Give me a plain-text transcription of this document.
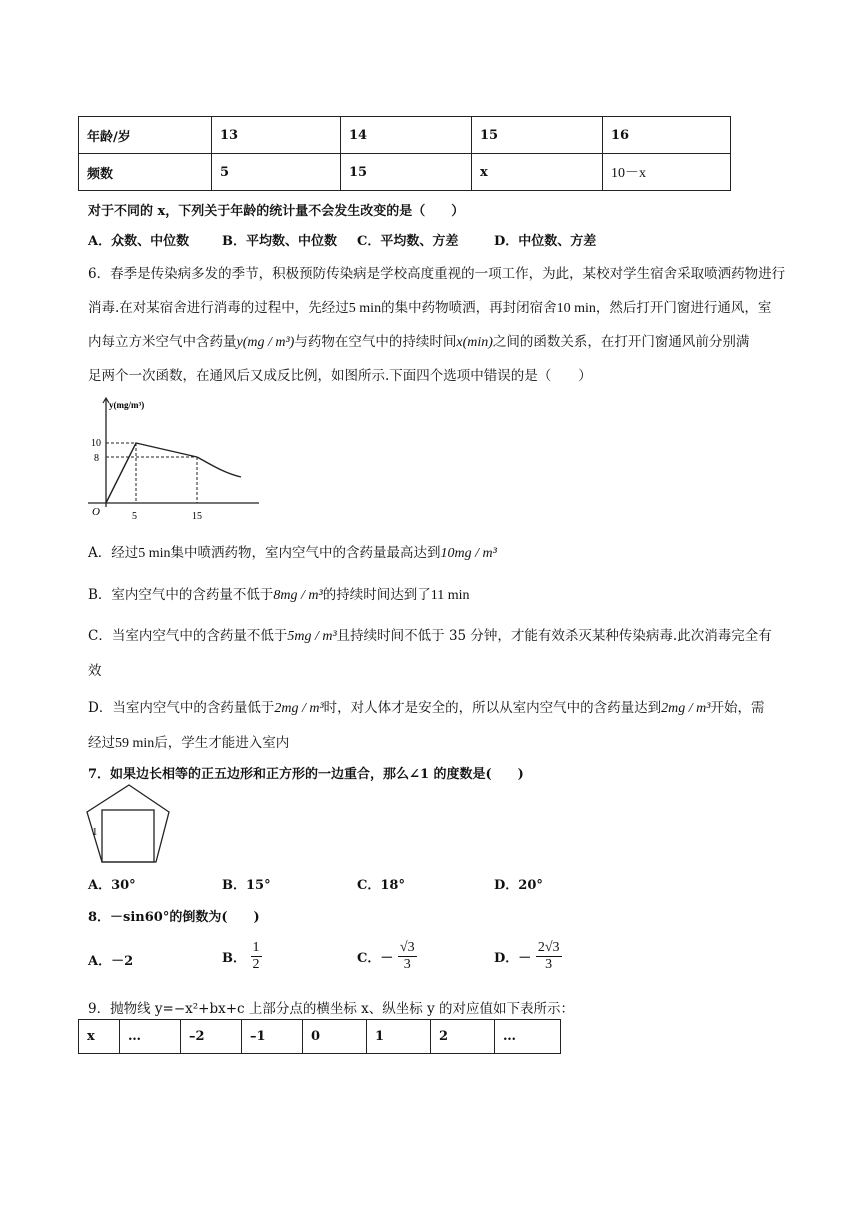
年龄/岁	13	14	15	16
频数	5	15	x	10－x
对于不同的 x，下列关于年龄的统计量不会发生改变的是（　　）
A．众数、中位数	B．平均数、中位数 C．平均数、方差	D．中位数、方差
6．春季是传染病多发的季节，积极预防传染病是学校高度重视的一项工作，为此，某校对学生宿舍采取喷洒药物进行
消毒.在对某宿舍进行消毒的过程中，先经过5 min的集中药物喷洒，再封闭宿舍10 min，然后打开门窗进行通风，室
内每立方米空气中含药量y(mg / m³)与药物在空气中的持续时间x(min)之间的函数关系，在打开门窗通风前分别满
足两个一次函数，在通风后又成反比例，如图所示.下面四个选项中错误的是（　　）
y(mg/m³)
10
8
O	5	15
A．经过5 min集中喷洒药物，室内空气中的含药量最高达到10mg / m³
B．室内空气中的含药量不低于8mg / m³的持续时间达到了11 min
C．当室内空气中的含药量不低于5mg / m³且持续时间不低于 35 分钟，才能有效杀灭某种传染病毒.此次消毒完全有
效
D．当室内空气中的含药量低于2mg / m³时，对人体才是安全的，所以从室内空气中的含药量达到2mg / m³开始，需
经过59 min后，学生才能进入室内
7．如果边长相等的正五边形和正方形的一边重合，那么∠1 的度数是(　　)
1
A．30°	B．15°	C．18°	D．20°
8．－sin60°的倒数为(　　)
A．－2	B． $\frac{1}{2}$	C．－ $\frac{√3}{3}$	D．－ $\frac{2√3}{3}$
9．抛物线 y=−x²+bx+c 上部分点的横坐标 x、纵坐标 y 的对应值如下表所示：
x	…	–2	–1	0	1	2	…
